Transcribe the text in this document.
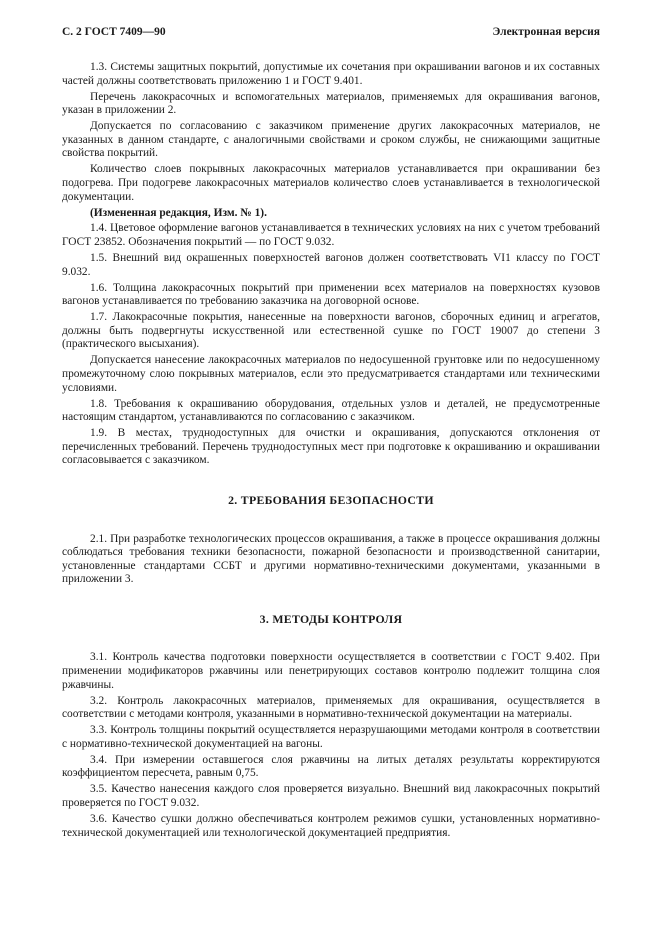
С. 2 ГОСТ 7409—90	Электронная версия

1.3. Системы защитных покрытий, допустимые их сочетания при окрашивании вагонов и их составных частей должны соответствовать приложению 1 и ГОСТ 9.401.

Перечень лакокрасочных и вспомогательных материалов, применяемых для окрашивания вагонов, указан в приложении 2.

Допускается по согласованию с заказчиком применение других лакокрасочных материалов, не указанных в данном стандарте, с аналогичными свойствами и сроком службы, не снижающими защитные свойства покрытий.

Количество слоев покрывных лакокрасочных материалов устанавливается при окрашивании без подогрева. При подогреве лакокрасочных материалов количество слоев устанавливается в технологической документации.

(Измененная редакция, Изм. № 1).

1.4. Цветовое оформление вагонов устанавливается в технических условиях на них с учетом требований ГОСТ 23852. Обозначения покрытий — по ГОСТ 9.032.

1.5. Внешний вид окрашенных поверхностей вагонов должен соответствовать VI1 классу по ГОСТ 9.032.

1.6. Толщина лакокрасочных покрытий при применении всех материалов на поверхностях кузовов вагонов устанавливается по требованию заказчика на договорной основе.

1.7. Лакокрасочные покрытия, нанесенные на поверхности вагонов, сборочных единиц и агрегатов, должны быть подвергнуты искусственной или естественной сушке по ГОСТ 19007 до степени 3 (практического высыхания).

Допускается нанесение лакокрасочных материалов по недосушенной грунтовке или по недосушенному промежуточному слою покрывных материалов, если это предусматривается стандартами или техническими условиями.

1.8. Требования к окрашиванию оборудования, отдельных узлов и деталей, не предусмотренные настоящим стандартом, устанавливаются по согласованию с заказчиком.

1.9. В местах, труднодоступных для очистки и окрашивания, допускаются отклонения от перечисленных требований. Перечень труднодоступных мест при подготовке к окрашиванию и окрашивании согласовывается с заказчиком.

2. ТРЕБОВАНИЯ БЕЗОПАСНОСТИ

2.1. При разработке технологических процессов окрашивания, а также в процессе окрашивания должны соблюдаться требования техники безопасности, пожарной безопасности и производственной санитарии, установленные стандартами ССБТ и другими нормативно-техническими документами, указанными в приложении 3.

3. МЕТОДЫ КОНТРОЛЯ

3.1. Контроль качества подготовки поверхности осуществляется в соответствии с ГОСТ 9.402. При применении модификаторов ржавчины или пенетрирующих составов контролю подлежит толщина слоя ржавчины.

3.2. Контроль лакокрасочных материалов, применяемых для окрашивания, осуществляется в соответствии с методами контроля, указанными в нормативно-технической документации на материалы.

3.3. Контроль толщины покрытий осуществляется неразрушающими методами контроля в соответствии с нормативно-технической документацией на вагоны.

3.4. При измерении оставшегося слоя ржавчины на литых деталях результаты корректируются коэффициентом пересчета, равным 0,75.

3.5. Качество нанесения каждого слоя проверяется визуально. Внешний вид лакокрасочных покрытий проверяется по ГОСТ 9.032.

3.6. Качество сушки должно обеспечиваться контролем режимов сушки, установленных нормативно-технической документацией или технологической документацией предприятия.
